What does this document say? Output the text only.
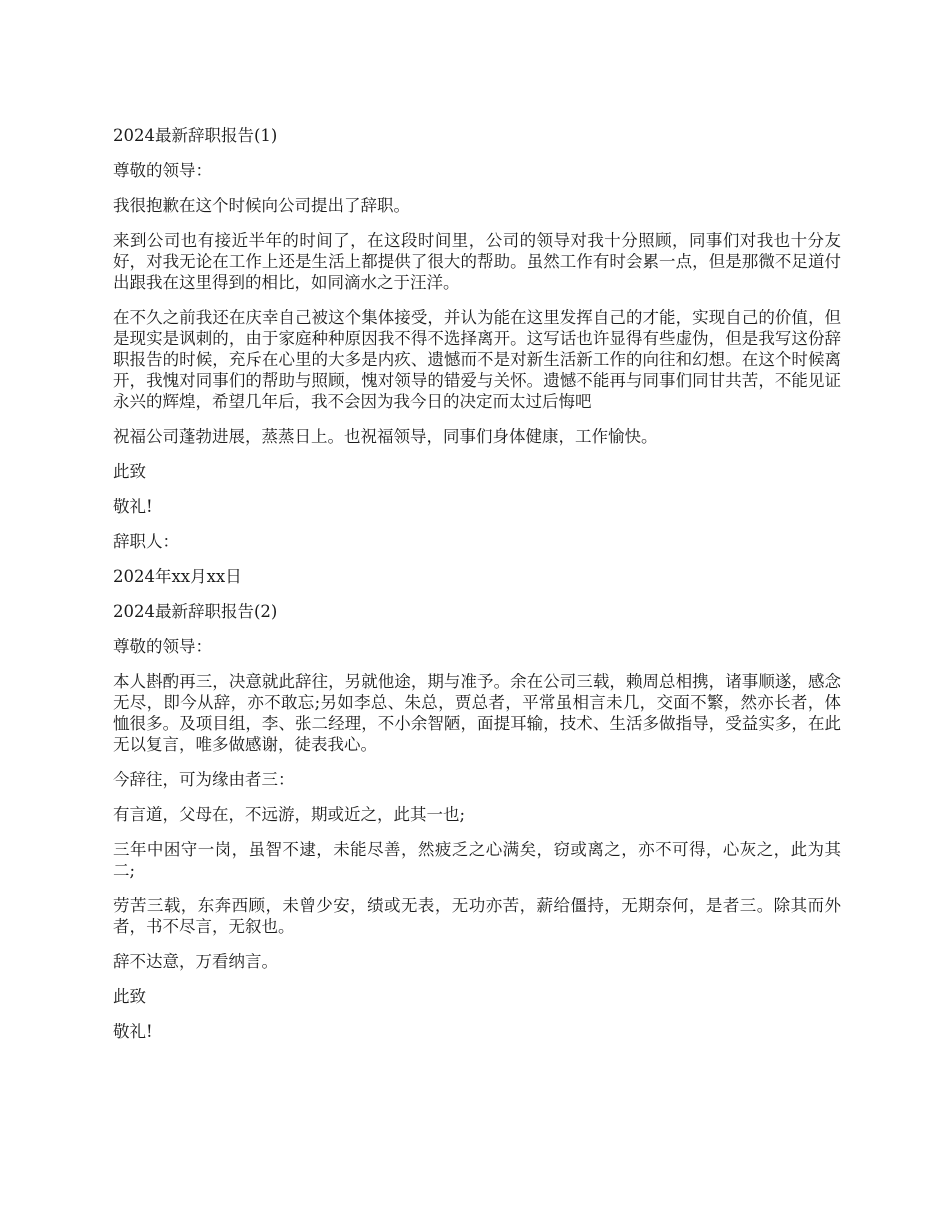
2024最新辞职报告(1)

尊敬的领导：

我很抱歉在这个时候向公司提出了辞职。

来到公司也有接近半年的时间了，在这段时间里，公司的领导对我十分照顾，同事们对我也十分友好，对我无论在工作上还是生活上都提供了很大的帮助。虽然工作有时会累一点，但是那微不足道付出跟我在这里得到的相比，如同滴水之于汪洋。

在不久之前我还在庆幸自己被这个集体接受，并认为能在这里发挥自己的才能，实现自己的价值，但是现实是讽刺的，由于家庭种种原因我不得不选择离开。这写话也许显得有些虚伪，但是我写这份辞职报告的时候，充斥在心里的大多是内疚、遗憾而不是对新生活新工作的向往和幻想。在这个时候离开，我愧对同事们的帮助与照顾，愧对领导的错爱与关怀。遗憾不能再与同事们同甘共苦，不能见证永兴的辉煌，希望几年后，我不会因为我今日的决定而太过后悔吧

祝福公司蓬勃进展，蒸蒸日上。也祝福领导，同事们身体健康，工作愉快。

此致

敬礼!

辞职人：

2024年xx月xx日

2024最新辞职报告(2)

尊敬的领导：

本人斟酌再三，决意就此辞往，另就他途，期与准予。余在公司三载，赖周总相携，诸事顺遂，感念无尽，即今从辞，亦不敢忘;另如李总、朱总，贾总者，平常虽相言未几，交面不繁，然亦长者，体恤很多。及项目组，李、张二经理，不小余智陋，面提耳输，技术、生活多做指导，受益实多，在此无以复言，唯多做感谢，徒表我心。

今辞往，可为缘由者三：

有言道，父母在，不远游，期或近之，此其一也;

三年中困守一岗，虽智不逮，未能尽善，然疲乏之心满矣，窃或离之，亦不可得，心灰之，此为其二;

劳苦三载，东奔西顾，未曾少安，绩或无表，无功亦苦，薪给僵持，无期奈何，是者三。除其而外者，书不尽言，无叙也。

辞不达意，万看纳言。

此致

敬礼!
